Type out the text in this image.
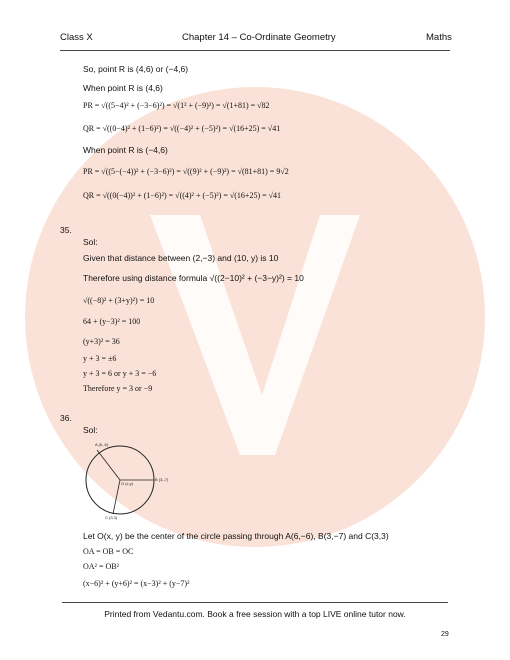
Class X	Chapter 14 – Co-Ordinate Geometry	Maths
So, point R is (4,6) or (−4,6)
When point R is (4,6)
PR = √((5−4)² + (−3−6)²) = √(1² + (−9)²) = √(1+81) = √82
QR = √((0−4)² + (1−6)²) = √((−4)² + (−5)²) = √(16+25) = √41
When point R is (−4,6)
PR = √((5−(−4))² + (−3−6)²) = √((9)² + (−9)²) = √(81+81) = 9√2
QR = √((0(−4))² + (1−6)²) = √((4)² + (−5)²) = √(16+25) = √41
35.
Sol:
Given that distance between (2,−3) and (10, y) is 10
Therefore using distance formula √((2−10)² + (−3−y)²) = 10
√((−8)² + (3+y)²) = 10
64 + (y−3)² = 100
(y+3)² = 36
y + 3 = ±6
y + 3 = 6 or y + 3 = −6
Therefore y = 3 or −9
36.
Sol:
A (6,-6)
B (3,-7)
C (3,3)
O (x,y)
Let O(x, y) be the center of the circle passing through A(6,−6), B(3,−7) and C(3,3)
OA = OB = OC
OA² = OB²
(x−6)² + (y+6)² = (x−3)² + (y−7)²
Printed from Vedantu.com. Book a free session with a top LIVE online tutor now.
29
